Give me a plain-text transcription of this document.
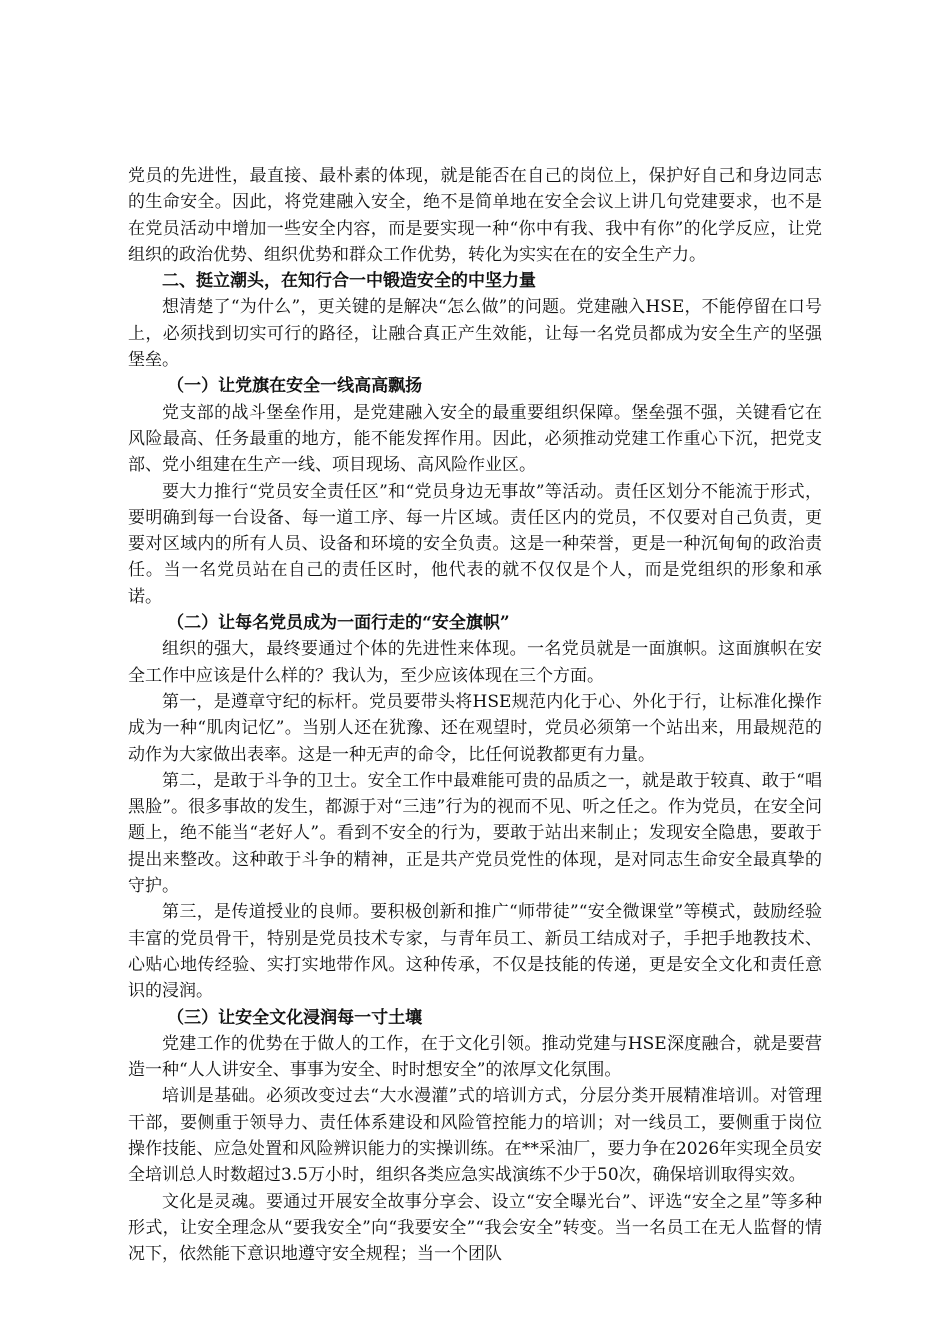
党员的先进性，最直接、最朴素的体现，就是能否在自己的岗位上，保护好自己和身边同志的生命安全。因此，将党建融入安全，绝不是简单地在安全会议上讲几句党建要求，也不是在党员活动中增加一些安全内容，而是要实现一种“你中有我、我中有你”的化学反应，让党组织的政治优势、组织优势和群众工作优势，转化为实实在在的安全生产力。

二、挺立潮头，在知行合一中锻造安全的中坚力量

想清楚了“为什么”，更关键的是解决“怎么做”的问题。党建融入HSE，不能停留在口号上，必须找到切实可行的路径，让融合真正产生效能，让每一名党员都成为安全生产的坚强堡垒。

（一）让党旗在安全一线高高飘扬

党支部的战斗堡垒作用，是党建融入安全的最重要组织保障。堡垒强不强，关键看它在风险最高、任务最重的地方，能不能发挥作用。因此，必须推动党建工作重心下沉，把党支部、党小组建在生产一线、项目现场、高风险作业区。

要大力推行“党员安全责任区”和“党员身边无事故”等活动。责任区划分不能流于形式，要明确到每一台设备、每一道工序、每一片区域。责任区内的党员，不仅要对自己负责，更要对区域内的所有人员、设备和环境的安全负责。这是一种荣誉，更是一种沉甸甸的政治责任。当一名党员站在自己的责任区时，他代表的就不仅仅是个人，而是党组织的形象和承诺。

（二）让每名党员成为一面行走的“安全旗帜”

组织的强大，最终要通过个体的先进性来体现。一名党员就是一面旗帜。这面旗帜在安全工作中应该是什么样的？我认为，至少应该体现在三个方面。

第一，是遵章守纪的标杆。党员要带头将HSE规范内化于心、外化于行，让标准化操作成为一种“肌肉记忆”。当别人还在犹豫、还在观望时，党员必须第一个站出来，用最规范的动作为大家做出表率。这是一种无声的命令，比任何说教都更有力量。

第二，是敢于斗争的卫士。安全工作中最难能可贵的品质之一，就是敢于较真、敢于“唱黑脸”。很多事故的发生，都源于对“三违”行为的视而不见、听之任之。作为党员，在安全问题上，绝不能当“老好人”。看到不安全的行为，要敢于站出来制止；发现安全隐患，要敢于提出来整改。这种敢于斗争的精神，正是共产党员党性的体现，是对同志生命安全最真挚的守护。

第三，是传道授业的良师。要积极创新和推广“师带徒”“安全微课堂”等模式，鼓励经验丰富的党员骨干，特别是党员技术专家，与青年员工、新员工结成对子，手把手地教技术、心贴心地传经验、实打实地带作风。这种传承，不仅是技能的传递，更是安全文化和责任意识的浸润。

（三）让安全文化浸润每一寸土壤

党建工作的优势在于做人的工作，在于文化引领。推动党建与HSE深度融合，就是要营造一种“人人讲安全、事事为安全、时时想安全”的浓厚文化氛围。

培训是基础。必须改变过去“大水漫灌”式的培训方式，分层分类开展精准培训。对管理干部，要侧重于领导力、责任体系建设和风险管控能力的培训；对一线员工，要侧重于岗位操作技能、应急处置和风险辨识能力的实操训练。在**采油厂，要力争在2026年实现全员安全培训总人时数超过3.5万小时，组织各类应急实战演练不少于50次，确保培训取得实效。

文化是灵魂。要通过开展安全故事分享会、设立“安全曝光台”、评选“安全之星”等多种形式，让安全理念从“要我安全”向“我要安全”“我会安全”转变。当一名员工在无人监督的情况下，依然能下意识地遵守安全规程；当一个团队
